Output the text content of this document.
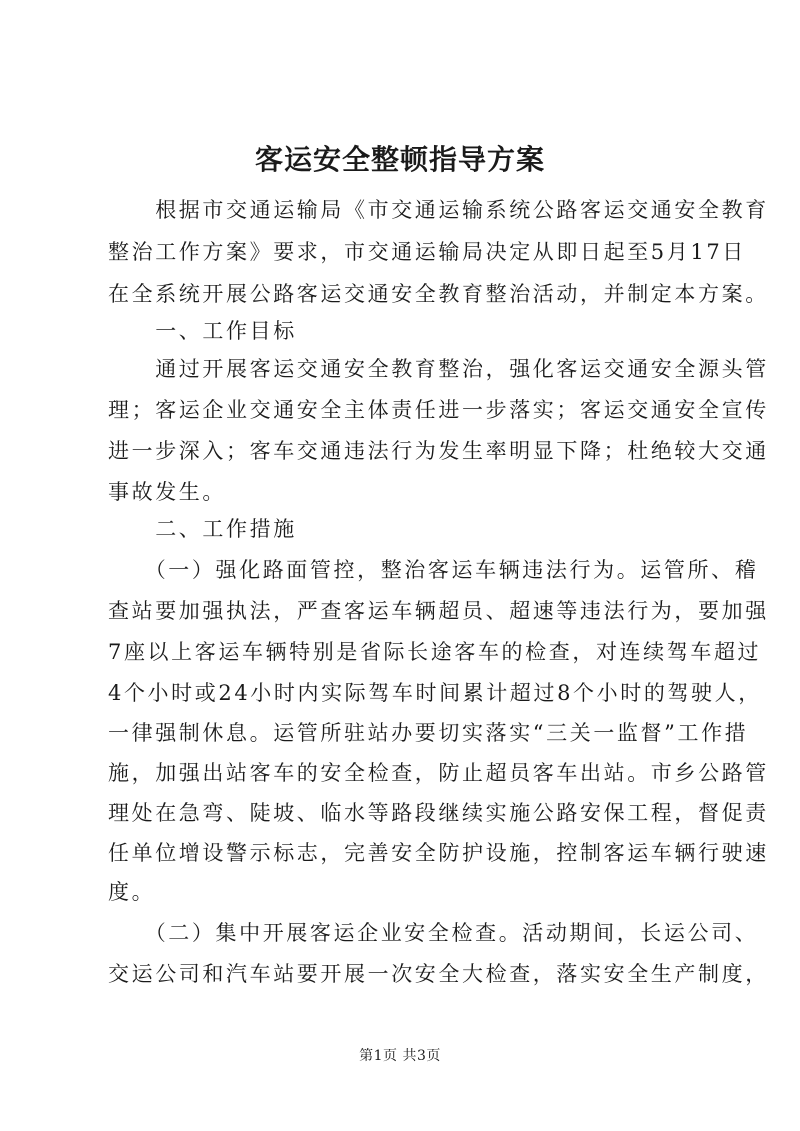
客运安全整顿指导方案
　　根据市交通运输局《市交通运输系统公路客运交通安全教育
整治工作方案》要求，市交通运输局决定从即日起至5月17日
在全系统开展公路客运交通安全教育整治活动，并制定本方案。
　　一、工作目标
　　通过开展客运交通安全教育整治，强化客运交通安全源头管
理；客运企业交通安全主体责任进一步落实；客运交通安全宣传
进一步深入；客车交通违法行为发生率明显下降；杜绝较大交通
事故发生。
　　二、工作措施
　　（一）强化路面管控，整治客运车辆违法行为。运管所、稽
查站要加强执法，严查客运车辆超员、超速等违法行为，要加强
7座以上客运车辆特别是省际长途客车的检查，对连续驾车超过
4个小时或24小时内实际驾车时间累计超过8个小时的驾驶人，
一律强制休息。运管所驻站办要切实落实“三关一监督”工作措
施，加强出站客车的安全检查，防止超员客车出站。市乡公路管
理处在急弯、陡坡、临水等路段继续实施公路安保工程，督促责
任单位增设警示标志，完善安全防护设施，控制客运车辆行驶速
度。
　　（二）集中开展客运企业安全检查。活动期间，长运公司、
交运公司和汽车站要开展一次安全大检查，落实安全生产制度，
第1页 共3页
